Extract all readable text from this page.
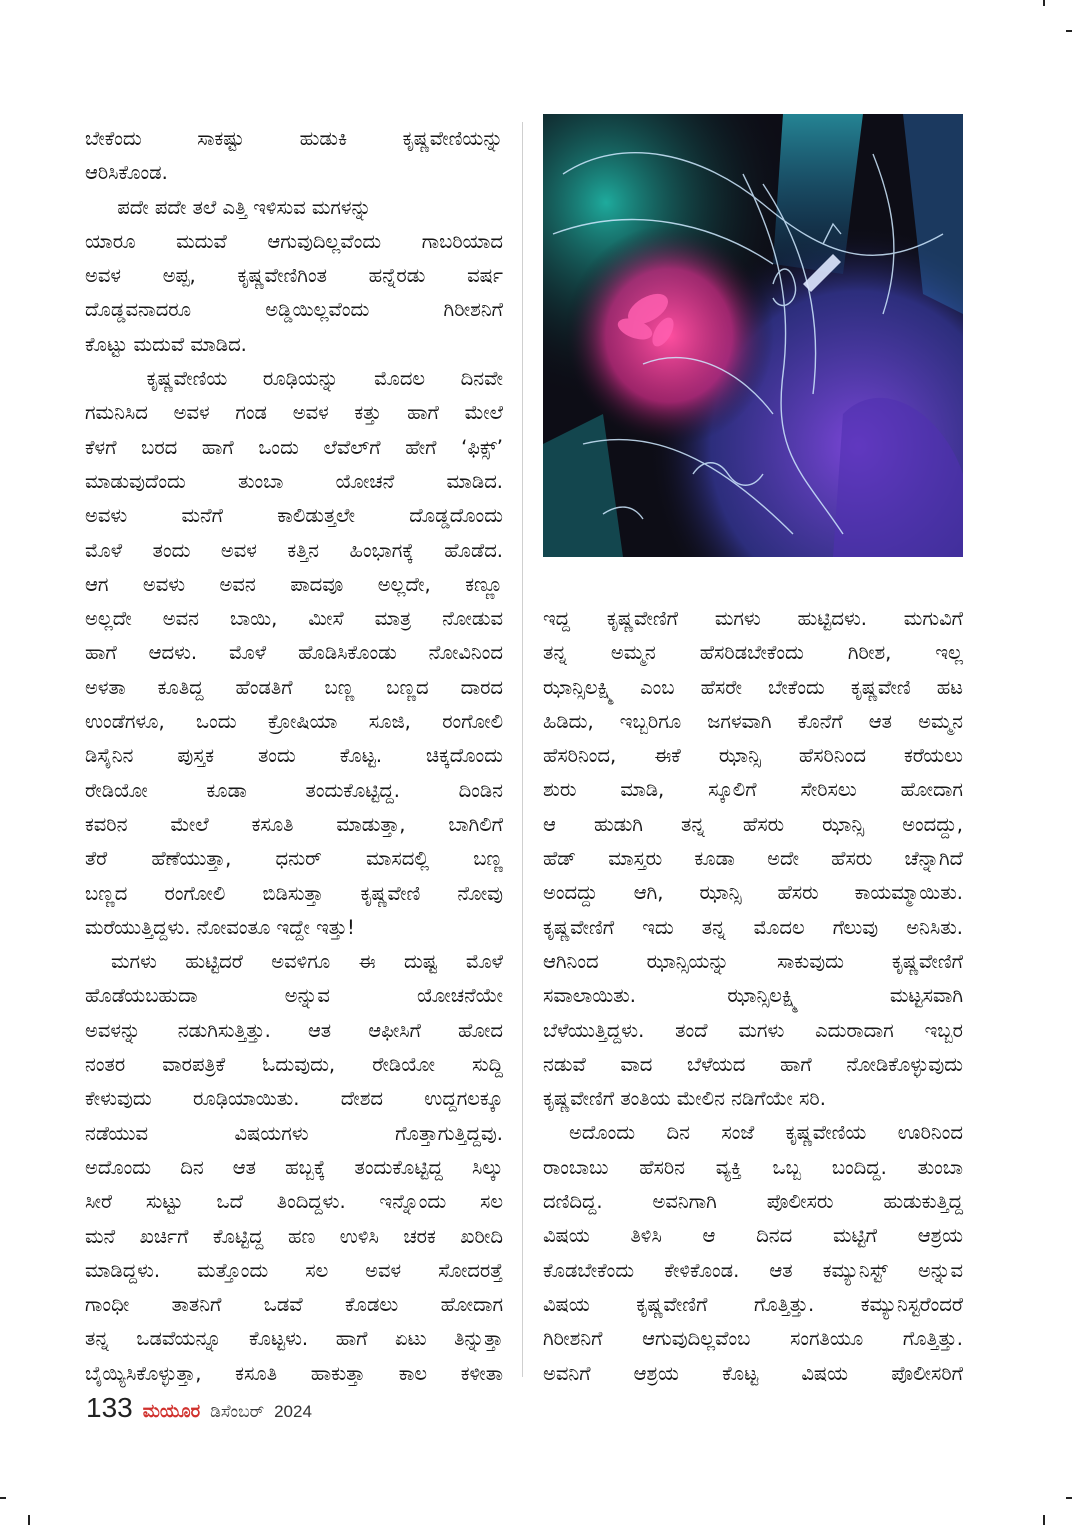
ಬೇಕೆಂದು ಸಾಕಷ್ಟು ಹುಡುಕಿ ಕೃಷ್ಣವೇಣಿಯನ್ನು
ಆರಿಸಿಕೊಂಡ.

ಪದೇ ಪದೇ ತಲೆ ಎತ್ತಿ ಇಳಿಸುವ ಮಗಳನ್ನು

ಯಾರೂ ಮದುವೆ ಆಗುವುದಿಲ್ಲವೆಂದು ಗಾಬರಿಯಾದ

ಅವಳ ಅಪ್ಪ, ಕೃಷ್ಣವೇಣಿಗಿಂತ ಹನ್ನೆರಡು ವರ್ಷ

ದೊಡ್ಡವನಾದರೂ ಅಡ್ಡಿಯಿಲ್ಲವೆಂದು ಗಿರೀಶನಿಗೆ

ಕೊಟ್ಟು ಮದುವೆ ಮಾಡಿದ.

ಕೃಷ್ಣವೇಣಿಯ ರೂಢಿಯನ್ನು ಮೊದಲ ದಿನವೇ

ಗಮನಿಸಿದ ಅವಳ ಗಂಡ ಅವಳ ಕತ್ತು ಹಾಗೆ ಮೇಲೆ

ಕೆಳಗೆ ಬರದ ಹಾಗೆ ಒಂದು ಲೆವೆಲ್‌ಗೆ ಹೇಗೆ ‘ಫಿಕ್ಸ್’

ಮಾಡುವುದೆಂದು ತುಂಬಾ ಯೋಚನೆ ಮಾಡಿದ.

ಅವಳು ಮನೆಗೆ ಕಾಲಿಡುತ್ತಲೇ ದೊಡ್ಡದೊಂದು

ಮೊಳೆ ತಂದು ಅವಳ ಕತ್ತಿನ ಹಿಂಭಾಗಕ್ಕೆ ಹೊಡೆದ.

ಆಗ ಅವಳು ಅವನ ಪಾದವೂ ಅಲ್ಲದೇ, ಕಣ್ಣೂ

ಅಲ್ಲದೇ ಅವನ ಬಾಯಿ, ಮೀಸೆ ಮಾತ್ರ ನೋಡುವ

ಹಾಗೆ ಆದಳು. ಮೊಳೆ ಹೊಡಿಸಿಕೊಂಡು ನೋವಿನಿಂದ

ಅಳತಾ ಕೂತಿದ್ದ ಹೆಂಡತಿಗೆ ಬಣ್ಣ ಬಣ್ಣದ ದಾರದ

ಉಂಡೆಗಳೂ, ಒಂದು ಕ್ರೋಷಿಯಾ ಸೂಜಿ, ರಂಗೋಲಿ

ಡಿಸೈನಿನ ಪುಸ್ತಕ ತಂದು ಕೊಟ್ಟ. ಚಿಕ್ಕದೊಂದು

ರೇಡಿಯೋ ಕೂಡಾ ತಂದುಕೊಟ್ಟಿದ್ದ. ದಿಂಡಿನ

ಕವರಿನ ಮೇಲೆ ಕಸೂತಿ ಮಾಡುತ್ತಾ, ಬಾಗಿಲಿಗೆ

ತೆರೆ ಹೆಣೆಯುತ್ತಾ, ಧನುರ್ ಮಾಸದಲ್ಲಿ ಬಣ್ಣ

ಬಣ್ಣದ ರಂಗೋಲಿ ಬಿಡಿಸುತ್ತಾ ಕೃಷ್ಣವೇಣಿ ನೋವು

ಮರೆಯುತ್ತಿದ್ದಳು. ನೋವಂತೂ ಇದ್ದೇ ಇತ್ತು!

ಮಗಳು ಹುಟ್ಟಿದರೆ ಅವಳಿಗೂ ಈ ದುಷ್ಟ ಮೊಳೆ

ಹೊಡೆಯಬಹುದಾ ಅನ್ನುವ ಯೋಚನೆಯೇ

ಅವಳನ್ನು ನಡುಗಿಸುತ್ತಿತ್ತು. ಆತ ಆಫೀಸಿಗೆ ಹೋದ

ನಂತರ ವಾರಪತ್ರಿಕೆ ಓದುವುದು, ರೇಡಿಯೋ ಸುದ್ದಿ

ಕೇಳುವುದು ರೂಢಿಯಾಯಿತು. ದೇಶದ ಉದ್ದಗಲಕ್ಕೂ

ನಡೆಯುವ ವಿಷಯಗಳು ಗೊತ್ತಾಗುತ್ತಿದ್ದವು.

ಅದೊಂದು ದಿನ ಆತ ಹಬ್ಬಕ್ಕೆ ತಂದುಕೊಟ್ಟಿದ್ದ ಸಿಲ್ಕು

ಸೀರೆ ಸುಟ್ಟು ಒದೆ ತಿಂದಿದ್ದಳು. ಇನ್ನೊಂದು ಸಲ

ಮನೆ ಖರ್ಚಿಗೆ ಕೊಟ್ಟಿದ್ದ ಹಣ ಉಳಿಸಿ ಚರಕ ಖರೀದಿ

ಮಾಡಿದ್ದಳು. ಮತ್ತೊಂದು ಸಲ ಅವಳ ಸೋದರತ್ತೆ

ಗಾಂಧೀ ತಾತನಿಗೆ ಒಡವೆ ಕೊಡಲು ಹೋದಾಗ

ತನ್ನ ಒಡವೆಯನ್ನೂ ಕೊಟ್ಟಳು. ಹಾಗೆ ಏಟು ತಿನ್ನುತ್ತಾ

ಬೈಯ್ಯಿಸಿಕೊಳ್ಳುತ್ತಾ, ಕಸೂತಿ ಹಾಕುತ್ತಾ ಕಾಲ ಕಳೀತಾ

ಇದ್ದ ಕೃಷ್ಣವೇಣಿಗೆ ಮಗಳು ಹುಟ್ಟಿದಳು. ಮಗುವಿಗೆ

ತನ್ನ ಅಮ್ಮನ ಹೆಸರಿಡಬೇಕೆಂದು ಗಿರೀಶ, ಇಲ್ಲ

ಝಾನ್ಸಿಲಕ್ಷ್ಮಿ ಎಂಬ ಹೆಸರೇ ಬೇಕೆಂದು ಕೃಷ್ಣವೇಣಿ ಹಟ

ಹಿಡಿದು, ಇಬ್ಬರಿಗೂ ಜಗಳವಾಗಿ ಕೊನೆಗೆ ಆತ ಅಮ್ಮನ

ಹೆಸರಿನಿಂದ, ಈಕೆ ಝಾನ್ಸಿ ಹೆಸರಿನಿಂದ ಕರೆಯಲು

ಶುರು ಮಾಡಿ, ಸ್ಕೂಲಿಗೆ ಸೇರಿಸಲು ಹೋದಾಗ

ಆ ಹುಡುಗಿ ತನ್ನ ಹೆಸರು ಝಾನ್ಸಿ ಅಂದದ್ದು,

ಹೆಡ್ ಮಾಸ್ತರು ಕೂಡಾ ಅದೇ ಹೆಸರು ಚೆನ್ನಾಗಿದೆ

ಅಂದದ್ದು ಆಗಿ, ಝಾನ್ಸಿ ಹೆಸರು ಕಾಯಮ್ಮಾಯಿತು.

ಕೃಷ್ಣವೇಣಿಗೆ ಇದು ತನ್ನ ಮೊದಲ ಗೆಲುವು ಅನಿಸಿತು.

ಆಗಿನಿಂದ ಝಾನ್ಸಿಯನ್ನು ಸಾಕುವುದು ಕೃಷ್ಣವೇಣಿಗೆ

ಸವಾಲಾಯಿತು. ಝಾನ್ಸಿಲಕ್ಷ್ಮಿ ಮಟ್ಟಸವಾಗಿ

ಬೆಳೆಯುತ್ತಿದ್ದಳು. ತಂದೆ ಮಗಳು ಎದುರಾದಾಗ ಇಬ್ಬರ

ನಡುವೆ ವಾದ ಬೆಳೆಯದ ಹಾಗೆ ನೋಡಿಕೊಳ್ಳುವುದು

ಕೃಷ್ಣವೇಣಿಗೆ ತಂತಿಯ ಮೇಲಿನ ನಡಿಗೆಯೇ ಸರಿ.

ಅದೊಂದು ದಿನ ಸಂಜೆ ಕೃಷ್ಣವೇಣಿಯ ಊರಿನಿಂದ

ರಾಂಬಾಬು ಹೆಸರಿನ ವ್ಯಕ್ತಿ ಒಬ್ಬ ಬಂದಿದ್ದ. ತುಂಬಾ

ದಣಿದಿದ್ದ. ಅವನಿಗಾಗಿ ಪೊಲೀಸರು ಹುಡುಕುತ್ತಿದ್ದ

ವಿಷಯ ತಿಳಿಸಿ ಆ ದಿನದ ಮಟ್ಟಿಗೆ ಆಶ್ರಯ

ಕೊಡಬೇಕೆಂದು ಕೇಳಿಕೊಂಡ. ಆತ ಕಮ್ಯುನಿಸ್ಟ್ ಅನ್ನುವ

ವಿಷಯ ಕೃಷ್ಣವೇಣಿಗೆ ಗೊತ್ತಿತ್ತು. ಕಮ್ಯುನಿಸ್ಟರೆಂದರೆ

ಗಿರೀಶನಿಗೆ ಆಗುವುದಿಲ್ಲವೆಂಬ ಸಂಗತಿಯೂ ಗೊತ್ತಿತ್ತು.

ಅವನಿಗೆ ಆಶ್ರಯ ಕೊಟ್ಟ ವಿಷಯ ಪೊಲೀಸರಿಗೆ

133 ಮಯೂರ ಡಿಸೆಂಬರ್ 2024
